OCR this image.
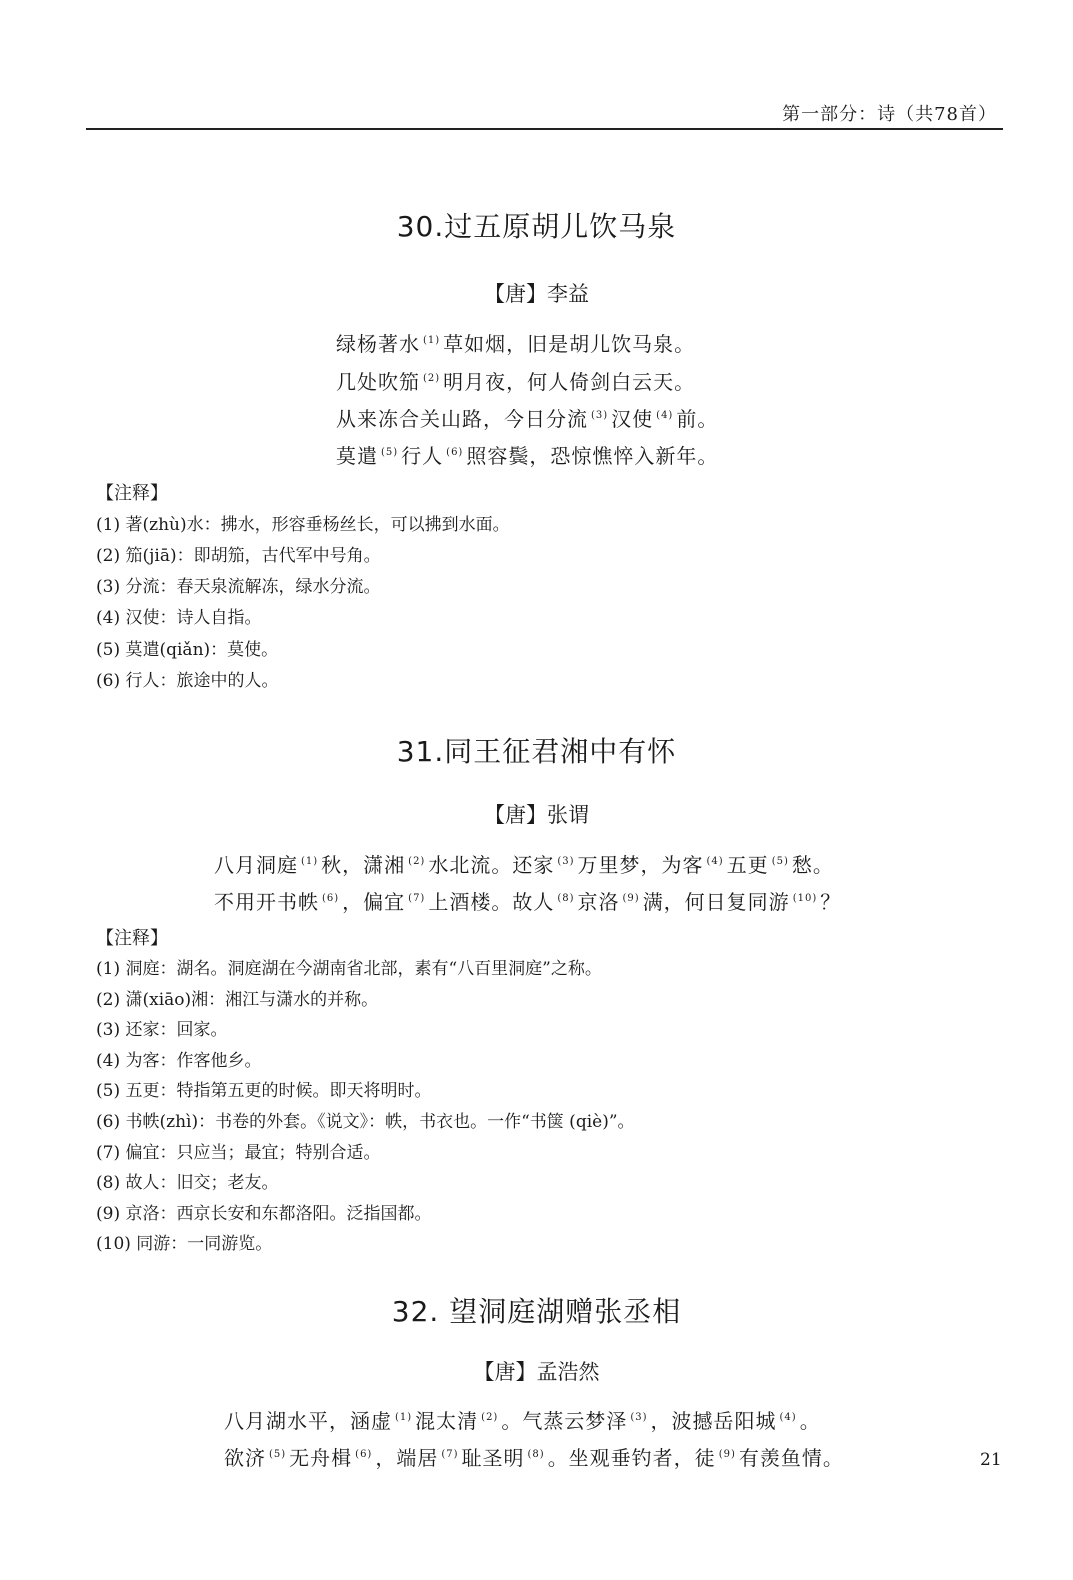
第一部分：诗（共78首）
30.过五原胡儿饮马泉
【唐】李益
绿杨著水 $^{(1)}$ 草如烟，旧是胡儿饮马泉。
几处吹笳 $^{(2)}$ 明月夜，何人倚剑白云天。
从来冻合关山路，今日分流 $^{(3)}$ 汉使 $^{(4)}$ 前。
莫遣 $^{(5)}$ 行人 $^{(6)}$ 照容鬓，恐惊憔悴入新年。
【注释】
(1) 著(zhù)水：拂水，形容垂杨丝长，可以拂到水面。
(2) 笳(jiā)：即胡笳，古代军中号角。
(3) 分流：春天泉流解冻，绿水分流。
(4) 汉使：诗人自指。
(5) 莫遣(qiǎn)：莫使。
(6) 行人：旅途中的人。
31.同王征君湘中有怀
【唐】张谓
八月洞庭 $^{(1)}$ 秋，潇湘 $^{(2)}$ 水北流。还家 $^{(3)}$ 万里梦，为客 $^{(4)}$ 五更 $^{(5)}$ 愁。
不用开书帙 $^{(6)}$ ，偏宜 $^{(7)}$ 上酒楼。故人 $^{(8)}$ 京洛 $^{(9)}$ 满，何日复同游 $^{(10)}$ ？
【注释】
(1) 洞庭：湖名。洞庭湖在今湖南省北部，素有“八百里洞庭”之称。
(2) 潇(xiāo)湘：湘江与潇水的并称。
(3) 还家：回家。
(4) 为客：作客他乡。
(5) 五更：特指第五更的时候。即天将明时。
(6) 书帙(zhì)：书卷的外套。《说文》：帙，书衣也。一作“书箧 (qiè)”。
(7) 偏宜：只应当；最宜；特别合适。
(8) 故人：旧交；老友。
(9) 京洛：西京长安和东都洛阳。泛指国都。
(10) 同游：一同游览。
32. 望洞庭湖赠张丞相
【唐】孟浩然
八月湖水平，涵虚 $^{(1)}$ 混太清 $^{(2)}$ 。气蒸云梦泽 $^{(3)}$ ，波撼岳阳城 $^{(4)}$ 。
欲济 $^{(5)}$ 无舟楫 $^{(6)}$ ，端居 $^{(7)}$ 耻圣明 $^{(8)}$ 。坐观垂钓者，徒 $^{(9)}$ 有羡鱼情。	21
